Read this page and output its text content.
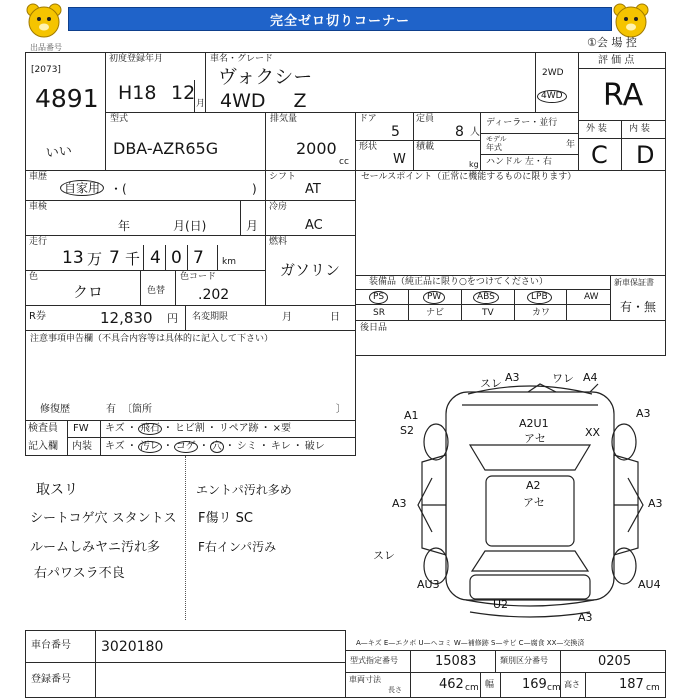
完全ゼロ切りコーナー
①会 場 控
出品番号
[2073]
4891
いい
初度登録年月
H18 12 月
車名・グレード
ヴォクシー
4WD Z
2WD
4WD
評 価 点
RA
外 装 内 装
C D
型式
DBA-AZR65G
排気量
2000
cc
ドア
5
定員
8 人
形状
W
積載
kg
ディーラー・並行
モデル
年式	年
ハンドル 左・右
車歴
自家用 ・(	)
シフト
AT
セールスポイント（正常に機能するものに限ります）
車検
年	月(日)	月
冷房
AC
走行
13 万 7 千 4 0 7 km
燃料
ガソリン
色
クロ	色替
色コード
.202
装備品（純正品に限り○をつけてください）
PS	PW	ABS	LPB	AW
SR	ナビ	TV	カワ
新車保証書
有・無
R券	12,830 円 名変期限	月	日
後日品
注意事項申告欄（不具合内容等は具体的に記入して下さい）
修復歴	有 〔箇所	〕
検査員
記入欄
FW
内装
キズ ・ 飛石 ・ ヒビ割 ・ リペア跡 ・ ×要
キズ ・ 汚レ ・ コゲ ・ 穴 ・ シミ ・ キレ ・ 破レ
取スリ
シートコゲ穴 スタントス
ルームしみヤニ汚れ多
右パワスラ不良
エントパ汚れ多め
F傷リ SC
F右インパ汚み
スレ A3	ワレ A4
A1
S2
A2U1
アセ	XX
A3
A2
アセ
A3	A3
スレ
AU3	AU4
U2
A3
A—キズ E—エクボ U—ヘコミ W—補修跡 S—サビ C—腐食 XX—交換済
車台番号 3020180
登録番号
型式指定番号	15083	類別区分番号	0205
車両寸法
長さ	462 cm 幅 169 cm 高さ	187 cm
